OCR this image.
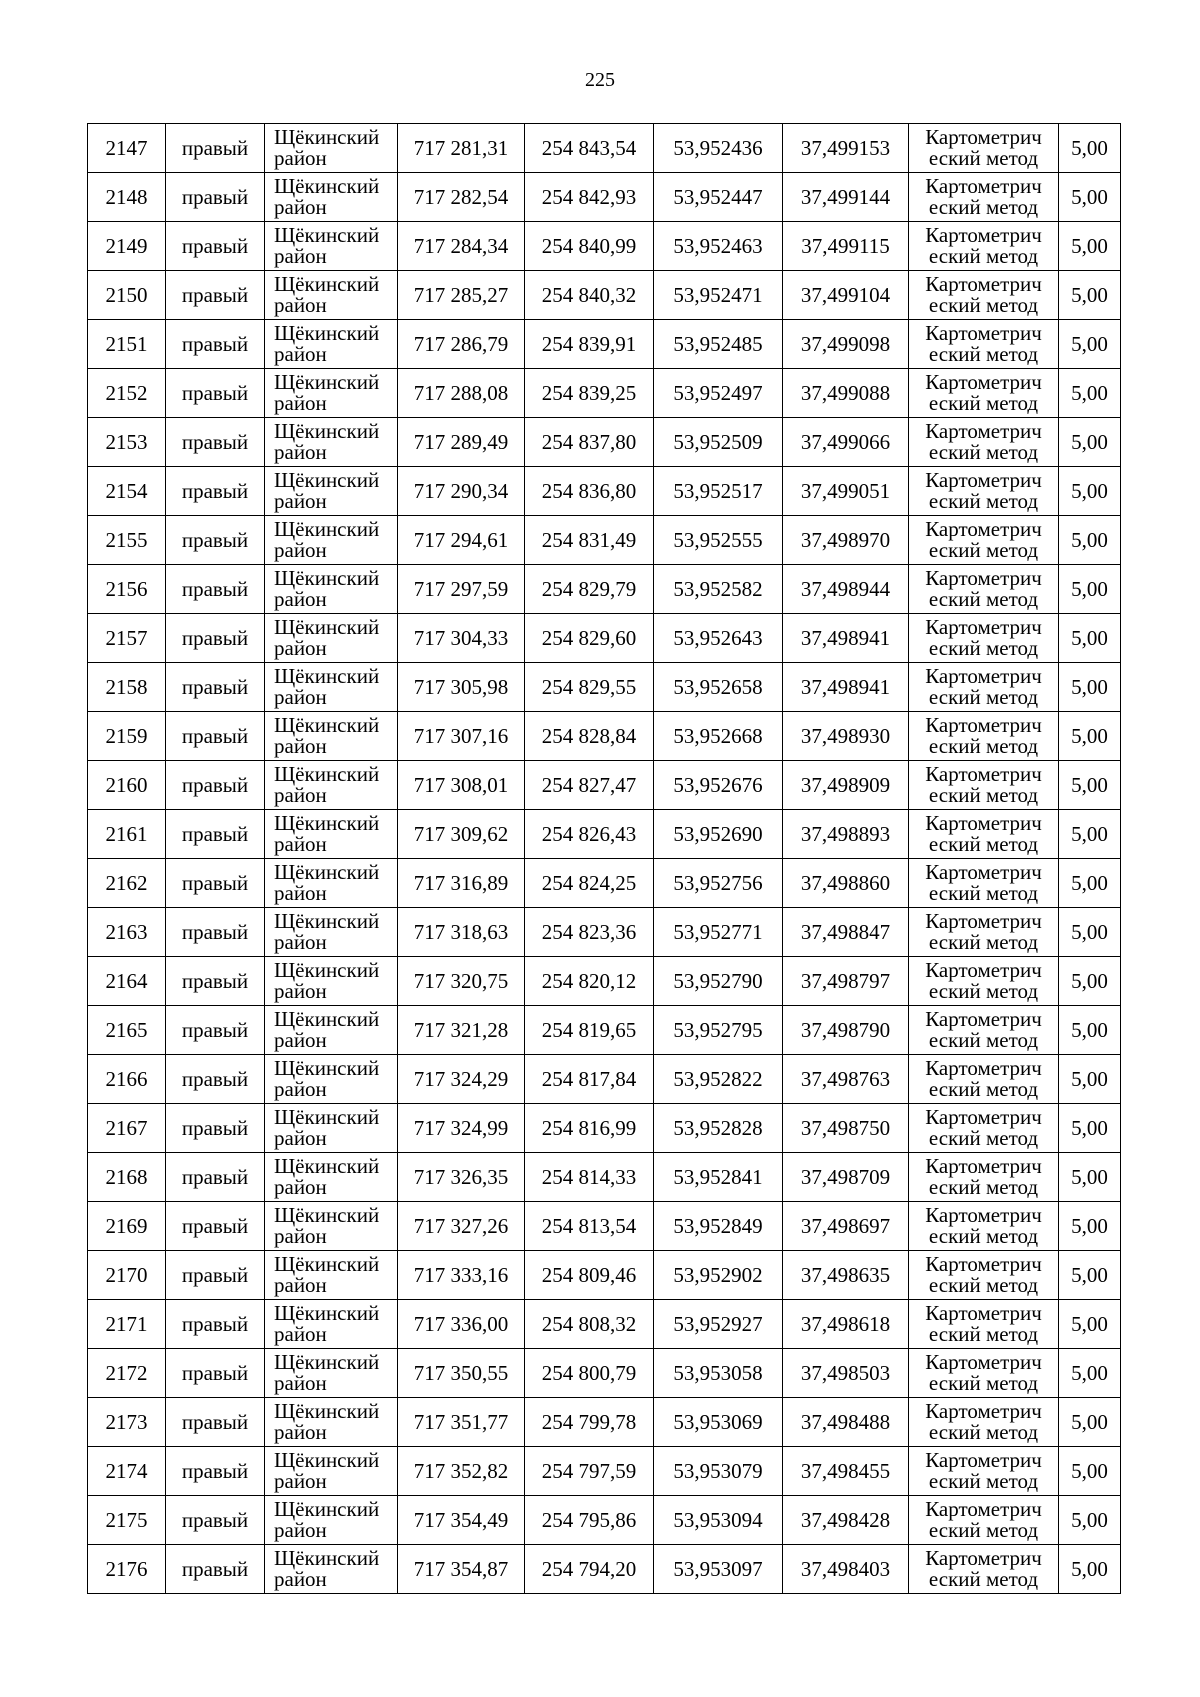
225
2147	правый	Щёкинский
район	717 281,31	254 843,54	53,952436	37,499153	Картометрич
еский метод	5,00
2148	правый	Щёкинский
район	717 282,54	254 842,93	53,952447	37,499144	Картометрич
еский метод	5,00
2149	правый	Щёкинский
район	717 284,34	254 840,99	53,952463	37,499115	Картометрич
еский метод	5,00
2150	правый	Щёкинский
район	717 285,27	254 840,32	53,952471	37,499104	Картометрич
еский метод	5,00
2151	правый	Щёкинский
район	717 286,79	254 839,91	53,952485	37,499098	Картометрич
еский метод	5,00
2152	правый	Щёкинский
район	717 288,08	254 839,25	53,952497	37,499088	Картометрич
еский метод	5,00
2153	правый	Щёкинский
район	717 289,49	254 837,80	53,952509	37,499066	Картометрич
еский метод	5,00
2154	правый	Щёкинский
район	717 290,34	254 836,80	53,952517	37,499051	Картометрич
еский метод	5,00
2155	правый	Щёкинский
район	717 294,61	254 831,49	53,952555	37,498970	Картометрич
еский метод	5,00
2156	правый	Щёкинский
район	717 297,59	254 829,79	53,952582	37,498944	Картометрич
еский метод	5,00
2157	правый	Щёкинский
район	717 304,33	254 829,60	53,952643	37,498941	Картометрич
еский метод	5,00
2158	правый	Щёкинский
район	717 305,98	254 829,55	53,952658	37,498941	Картометрич
еский метод	5,00
2159	правый	Щёкинский
район	717 307,16	254 828,84	53,952668	37,498930	Картометрич
еский метод	5,00
2160	правый	Щёкинский
район	717 308,01	254 827,47	53,952676	37,498909	Картометрич
еский метод	5,00
2161	правый	Щёкинский
район	717 309,62	254 826,43	53,952690	37,498893	Картометрич
еский метод	5,00
2162	правый	Щёкинский
район	717 316,89	254 824,25	53,952756	37,498860	Картометрич
еский метод	5,00
2163	правый	Щёкинский
район	717 318,63	254 823,36	53,952771	37,498847	Картометрич
еский метод	5,00
2164	правый	Щёкинский
район	717 320,75	254 820,12	53,952790	37,498797	Картометрич
еский метод	5,00
2165	правый	Щёкинский
район	717 321,28	254 819,65	53,952795	37,498790	Картометрич
еский метод	5,00
2166	правый	Щёкинский
район	717 324,29	254 817,84	53,952822	37,498763	Картометрич
еский метод	5,00
2167	правый	Щёкинский
район	717 324,99	254 816,99	53,952828	37,498750	Картометрич
еский метод	5,00
2168	правый	Щёкинский
район	717 326,35	254 814,33	53,952841	37,498709	Картометрич
еский метод	5,00
2169	правый	Щёкинский
район	717 327,26	254 813,54	53,952849	37,498697	Картометрич
еский метод	5,00
2170	правый	Щёкинский
район	717 333,16	254 809,46	53,952902	37,498635	Картометрич
еский метод	5,00
2171	правый	Щёкинский
район	717 336,00	254 808,32	53,952927	37,498618	Картометрич
еский метод	5,00
2172	правый	Щёкинский
район	717 350,55	254 800,79	53,953058	37,498503	Картометрич
еский метод	5,00
2173	правый	Щёкинский
район	717 351,77	254 799,78	53,953069	37,498488	Картометрич
еский метод	5,00
2174	правый	Щёкинский
район	717 352,82	254 797,59	53,953079	37,498455	Картометрич
еский метод	5,00
2175	правый	Щёкинский
район	717 354,49	254 795,86	53,953094	37,498428	Картометрич
еский метод	5,00
2176	правый	Щёкинский
район	717 354,87	254 794,20	53,953097	37,498403	Картометрич
еский метод	5,00
